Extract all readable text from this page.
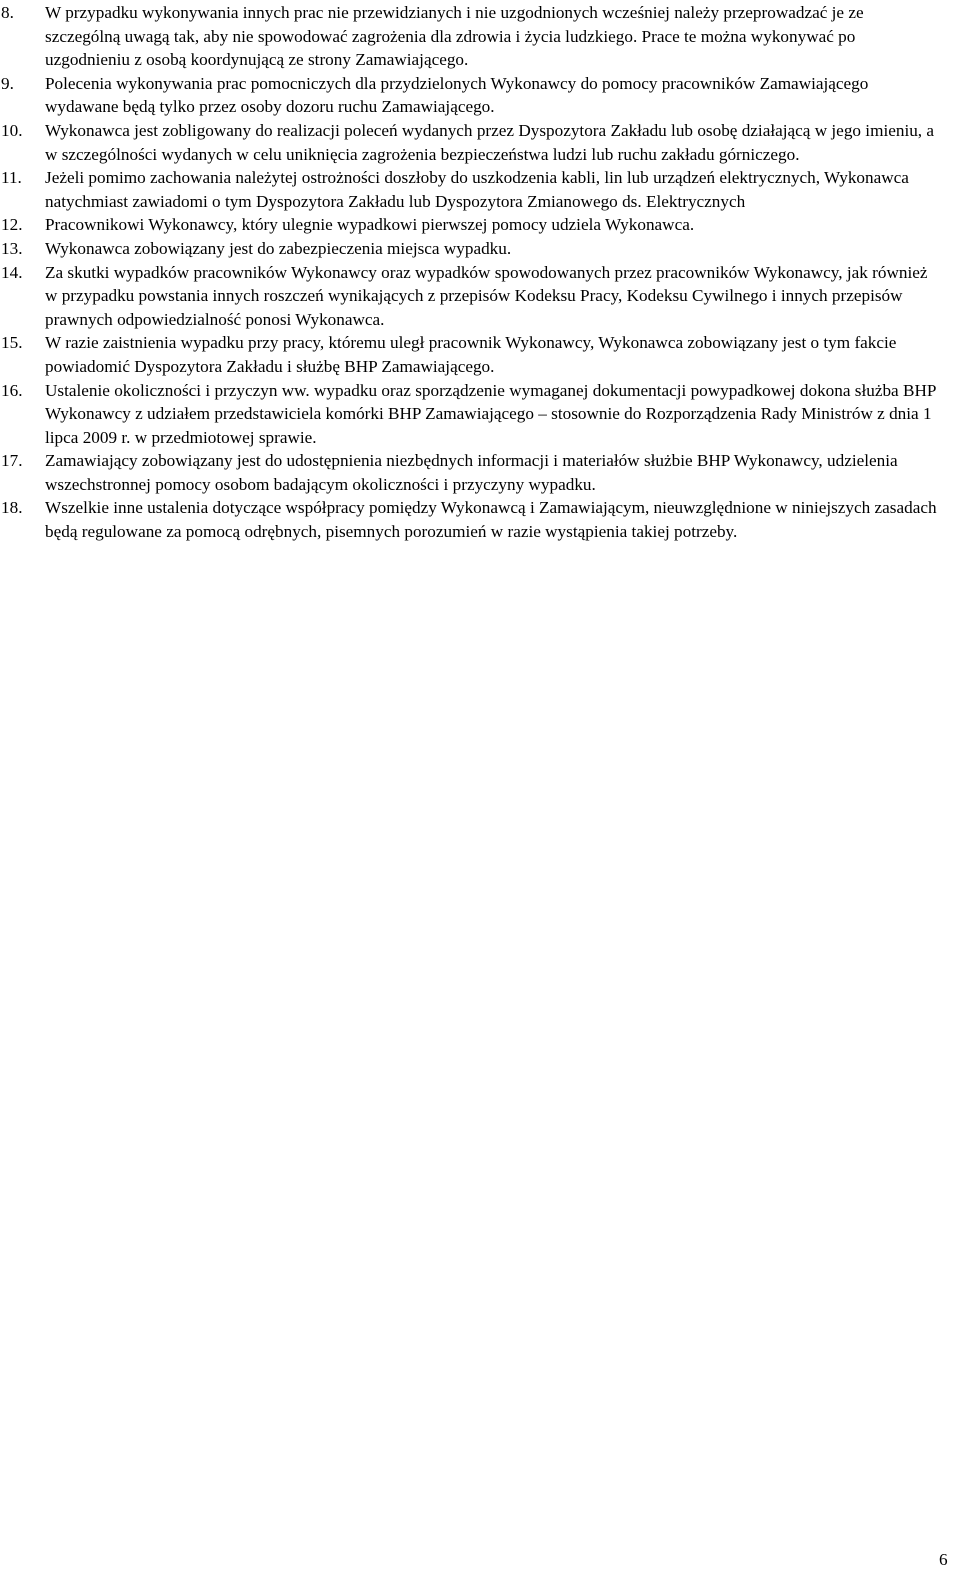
8.	W przypadku wykonywania innych prac nie przewidzianych i nie uzgodnionych wcześniej należy przeprowadzać je ze szczególną uwagą tak, aby nie spowodować zagrożenia dla zdrowia i życia ludzkiego. Prace te można wykonywać po uzgodnieniu z osobą koordynującą ze strony Zamawiającego.
9.	Polecenia wykonywania prac pomocniczych dla przydzielonych Wykonawcy do pomocy pracowników Zamawiającego wydawane będą tylko przez osoby dozoru ruchu Zamawiającego.
10.	Wykonawca jest zobligowany do realizacji poleceń wydanych przez Dyspozytora Zakładu lub osobę działającą w jego imieniu, a w szczególności wydanych w celu uniknięcia zagrożenia bezpieczeństwa ludzi lub ruchu zakładu górniczego.
11.	Jeżeli pomimo zachowania należytej ostrożności doszłoby do uszkodzenia kabli, lin lub urządzeń elektrycznych, Wykonawca natychmiast zawiadomi o tym Dyspozytora Zakładu lub Dyspozytora Zmianowego ds. Elektrycznych
12.	Pracownikowi Wykonawcy, który ulegnie wypadkowi pierwszej pomocy udziela Wykonawca.
13.	Wykonawca zobowiązany jest do zabezpieczenia miejsca wypadku.
14.	Za skutki wypadków pracowników Wykonawcy oraz wypadków spowodowanych przez pracowników Wykonawcy, jak również w przypadku powstania innych roszczeń wynikających z przepisów Kodeksu Pracy, Kodeksu Cywilnego i innych przepisów prawnych odpowiedzialność ponosi Wykonawca.
15.	W razie zaistnienia wypadku przy pracy, któremu uległ pracownik Wykonawcy, Wykonawca zobowiązany jest o tym fakcie powiadomić Dyspozytora Zakładu i służbę BHP Zamawiającego.
16.	Ustalenie okoliczności i przyczyn ww. wypadku oraz sporządzenie wymaganej dokumentacji powypadkowej dokona służba BHP Wykonawcy z udziałem przedstawiciela komórki BHP Zamawiającego – stosownie do Rozporządzenia Rady Ministrów z dnia 1 lipca 2009 r. w przedmiotowej sprawie.
17.	Zamawiający zobowiązany jest do udostępnienia niezbędnych informacji i materiałów służbie BHP Wykonawcy, udzielenia wszechstronnej pomocy osobom badającym okoliczności i przyczyny wypadku.
18.	Wszelkie inne ustalenia dotyczące współpracy pomiędzy Wykonawcą i Zamawiającym, nieuwzględnione w niniejszych zasadach będą regulowane za pomocą odrębnych, pisemnych porozumień w razie wystąpienia takiej potrzeby.
6
